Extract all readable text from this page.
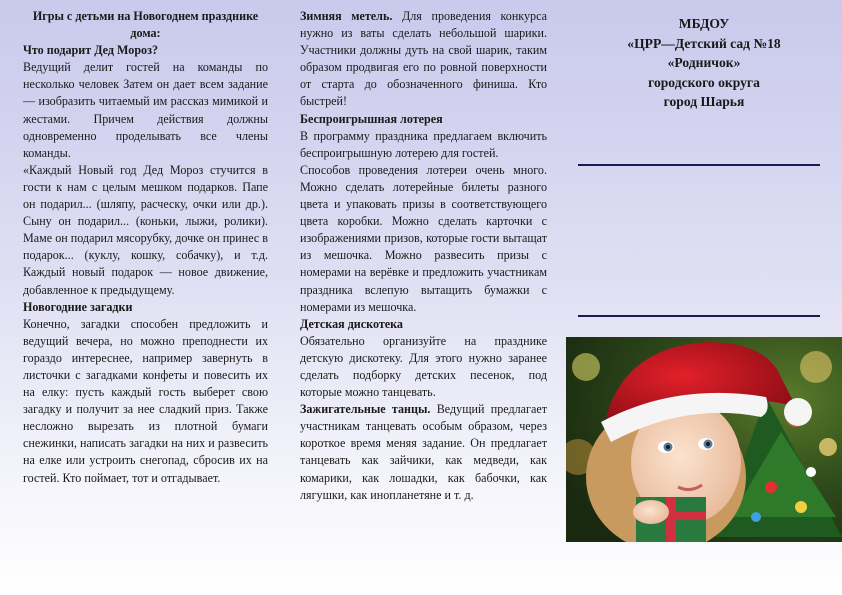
Игры с детьми на Новогоднем празднике дома:

Что подарит Дед Мороз?

Ведущий делит гостей на команды по несколько человек Затем он дает всем задание — изобразить читаемый им рассказ мимикой и жестами. Причем действия должны одновременно проделывать все члены команды.

«Каждый Новый год Дед Мороз стучится в гости к нам с целым мешком подарков. Папе он подарил... (шляпу, расческу, очки или др.). Сыну он подарил... (коньки, лыжи, ролики). Маме он подарил мясорубку, дочке он принес в подарок... (куклу, кошку, собачку), и т.д. Каждый новый подарок — новое движение, добавленное к предыдущему.

Новогодние загадки

Конечно, загадки способен предложить и ведущий вечера, но можно преподнести их гораздо интереснее, например завернуть в листочки с загадками конфеты и повесить их на елку: пусть каждый гость выберет свою загадку и получит за нее сладкий приз. Также несложно вырезать из плотной бумаги снежинки, написать загадки на них и развесить на елке или устроить снегопад, сбросив их на гостей. Кто поймает, тот и отгадывает.

Зимняя метель. Для проведения конкурса нужно из ваты сделать небольшой шарики. Участники должны дуть на свой шарик, таким образом продвигая его по ровной поверхности от старта до обозначенного финиша. Кто быстрей!

Беспроигрышная лотерея

В программу праздника предлагаем включить беспроигрышную лотерею для гостей.

Способов проведения лотереи очень много. Можно сделать лотерейные билеты разного цвета и упаковать призы в соответствующего цвета коробки. Можно сделать карточки с изображениями призов, которые гости вытащат из мешочка. Можно развесить призы с номерами на верёвке и предложить участникам праздника вслепую вытащить бумажки с номерами из мешочка.

Детская дискотека

Обязательно организуйте на празднике детскую дискотеку. Для этого нужно заранее сделать подборку детских песенок, под которые можно танцевать.

Зажигательные танцы. Ведущий предлагает участникам танцевать особым образом, через короткое время меняя задание. Он предлагает танцевать как зайчики, как медведи, как комарики, как лошадки, как бабочки, как лягушки, как инопланетяне и т. д.

МБДОУ
«ЦРР—Детский сад №18
«Родничок»
городского округа
город Шарья
